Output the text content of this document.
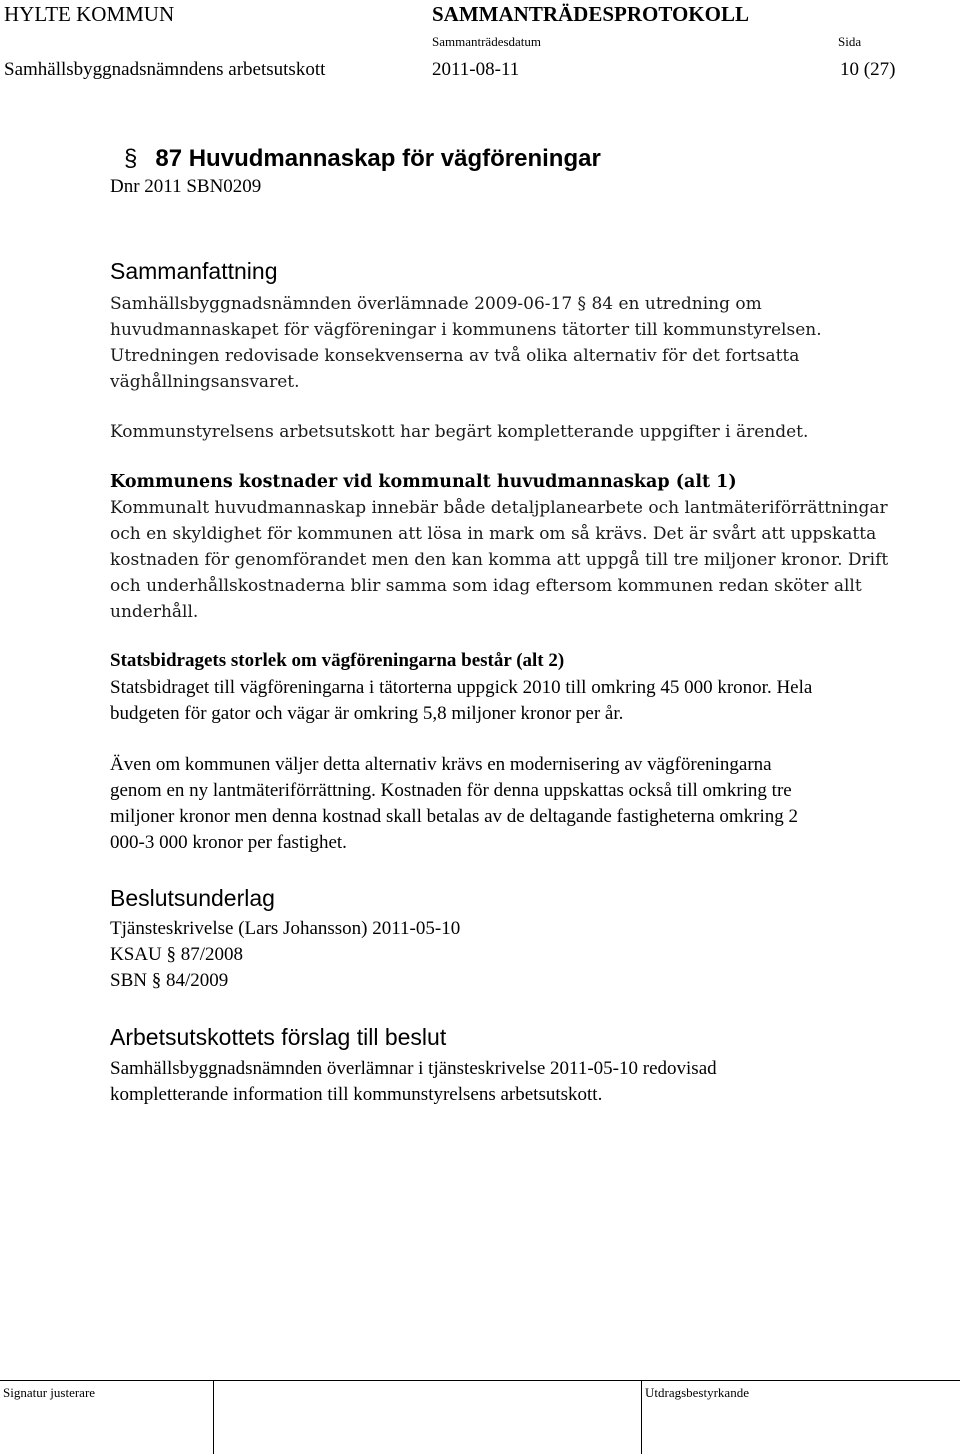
HYLTE KOMMUN	SAMMANTRÄDESPROTOKOLL
Sammanträdesdatum	Sida
Samhällsbyggnadsnämndens arbetsutskott	2011-08-11	10 (27)
§ 87 Huvudmannaskap för vägföreningar
Dnr 2011 SBN0209
Sammanfattning
Samhällsbyggnadsnämnden överlämnade 2009-06-17 § 84 en utredning om
huvudmannaskapet för vägföreningar i kommunens tätorter till kommunstyrelsen.
Utredningen redovisade konsekvenserna av två olika alternativ för det fortsatta
väghållningsansvaret.
Kommunstyrelsens arbetsutskott har begärt kompletterande uppgifter i ärendet.
Kommunens kostnader vid kommunalt huvudmannaskap (alt 1)
Kommunalt huvudmannaskap innebär både detaljplanearbete och lantmäteriförrättningar
och en skyldighet för kommunen att lösa in mark om så krävs. Det är svårt att uppskatta
kostnaden för genomförandet men den kan komma att uppgå till tre miljoner kronor. Drift
och underhållskostnaderna blir samma som idag eftersom kommunen redan sköter allt
underhåll.
Statsbidragets storlek om vägföreningarna består (alt 2)
Statsbidraget till vägföreningarna i tätorterna uppgick 2010 till omkring 45 000 kronor. Hela
budgeten för gator och vägar är omkring 5,8 miljoner kronor per år.
Även om kommunen väljer detta alternativ krävs en modernisering av vägföreningarna
genom en ny lantmäteriförrättning. Kostnaden för denna uppskattas också till omkring tre
miljoner kronor men denna kostnad skall betalas av de deltagande fastigheterna omkring 2
000-3 000 kronor per fastighet.
Beslutsunderlag
Tjänsteskrivelse (Lars Johansson) 2011-05-10
KSAU § 87/2008
SBN § 84/2009
Arbetsutskottets förslag till beslut
Samhällsbyggnadsnämnden överlämnar i tjänsteskrivelse 2011-05-10 redovisad
kompletterande information till kommunstyrelsens arbetsutskott.
Signatur justerare	Utdragsbestyrkande
